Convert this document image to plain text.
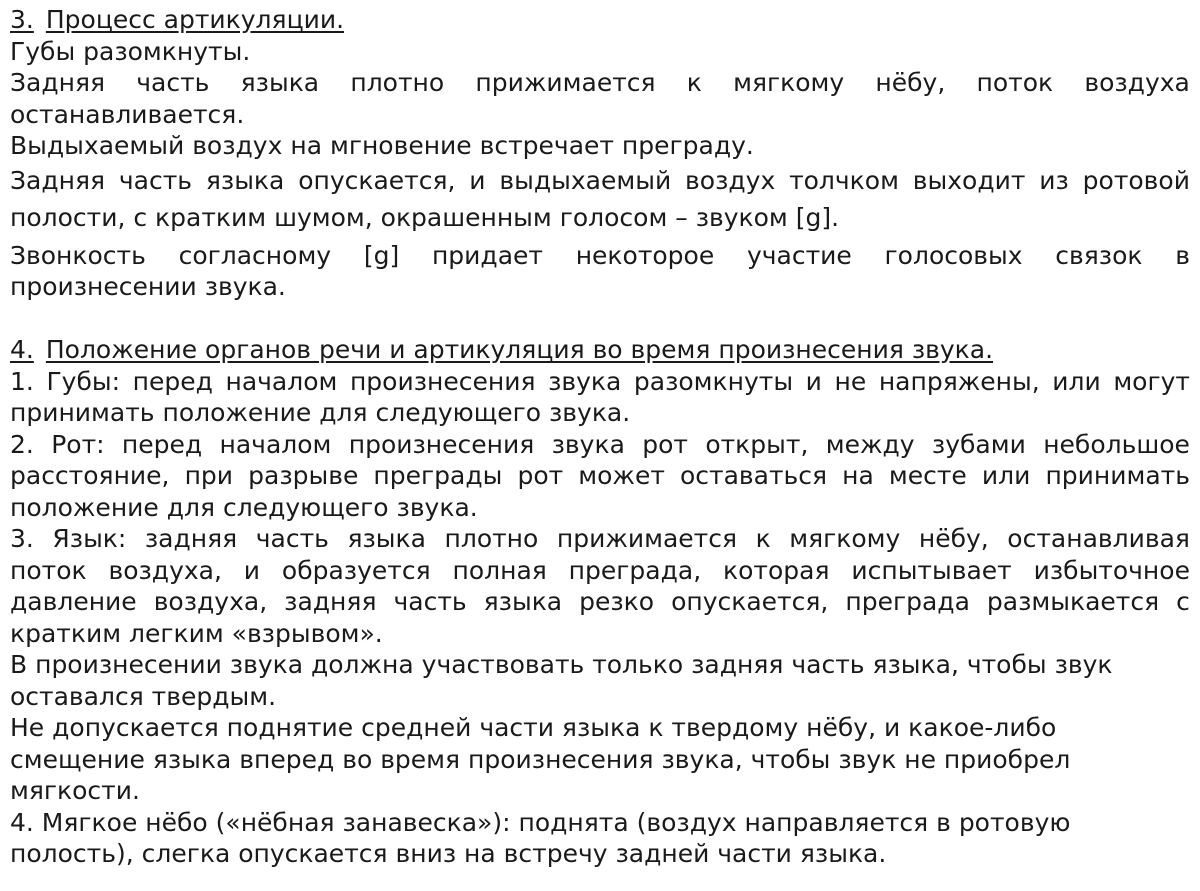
3. Процесс артикуляции.
Губы разомкнуты.
Задняя часть языка плотно прижимается к мягкому нёбу, поток воздуха
останавливается.
Выдыхаемый воздух на мгновение встречает преграду.
Задняя часть языка опускается, и выдыхаемый воздух толчком выходит из ротовой
полости, с кратким шумом, окрашенным голосом – звуком [g].
Звонкость согласному [g] придает некоторое участие голосовых связок в
произнесении звука.
4. Положение органов речи и артикуляция во время произнесения звука.
1. Губы: перед началом произнесения звука разомкнуты и не напряжены, или могут
принимать положение для следующего звука.
2. Рот: перед началом произнесения звука рот открыт, между зубами небольшое
расстояние, при разрыве преграды рот может оставаться на месте или принимать
положение для следующего звука.
3. Язык: задняя часть языка плотно прижимается к мягкому нёбу, останавливая
поток воздуха, и образуется полная преграда, которая испытывает избыточное
давление воздуха, задняя часть языка резко опускается, преграда размыкается с
кратким легким «взрывом».
В произнесении звука должна участвовать только задняя часть языка, чтобы звук
оставался твердым.
Не допускается поднятие средней части языка к твердому нёбу, и какое-либо
смещение языка вперед во время произнесения звука, чтобы звук не приобрел
мягкости.
4. Мягкое нёбо («нёбная занавеска»): поднята (воздух направляется в ротовую
полость), слегка опускается вниз на встречу задней части языка.
